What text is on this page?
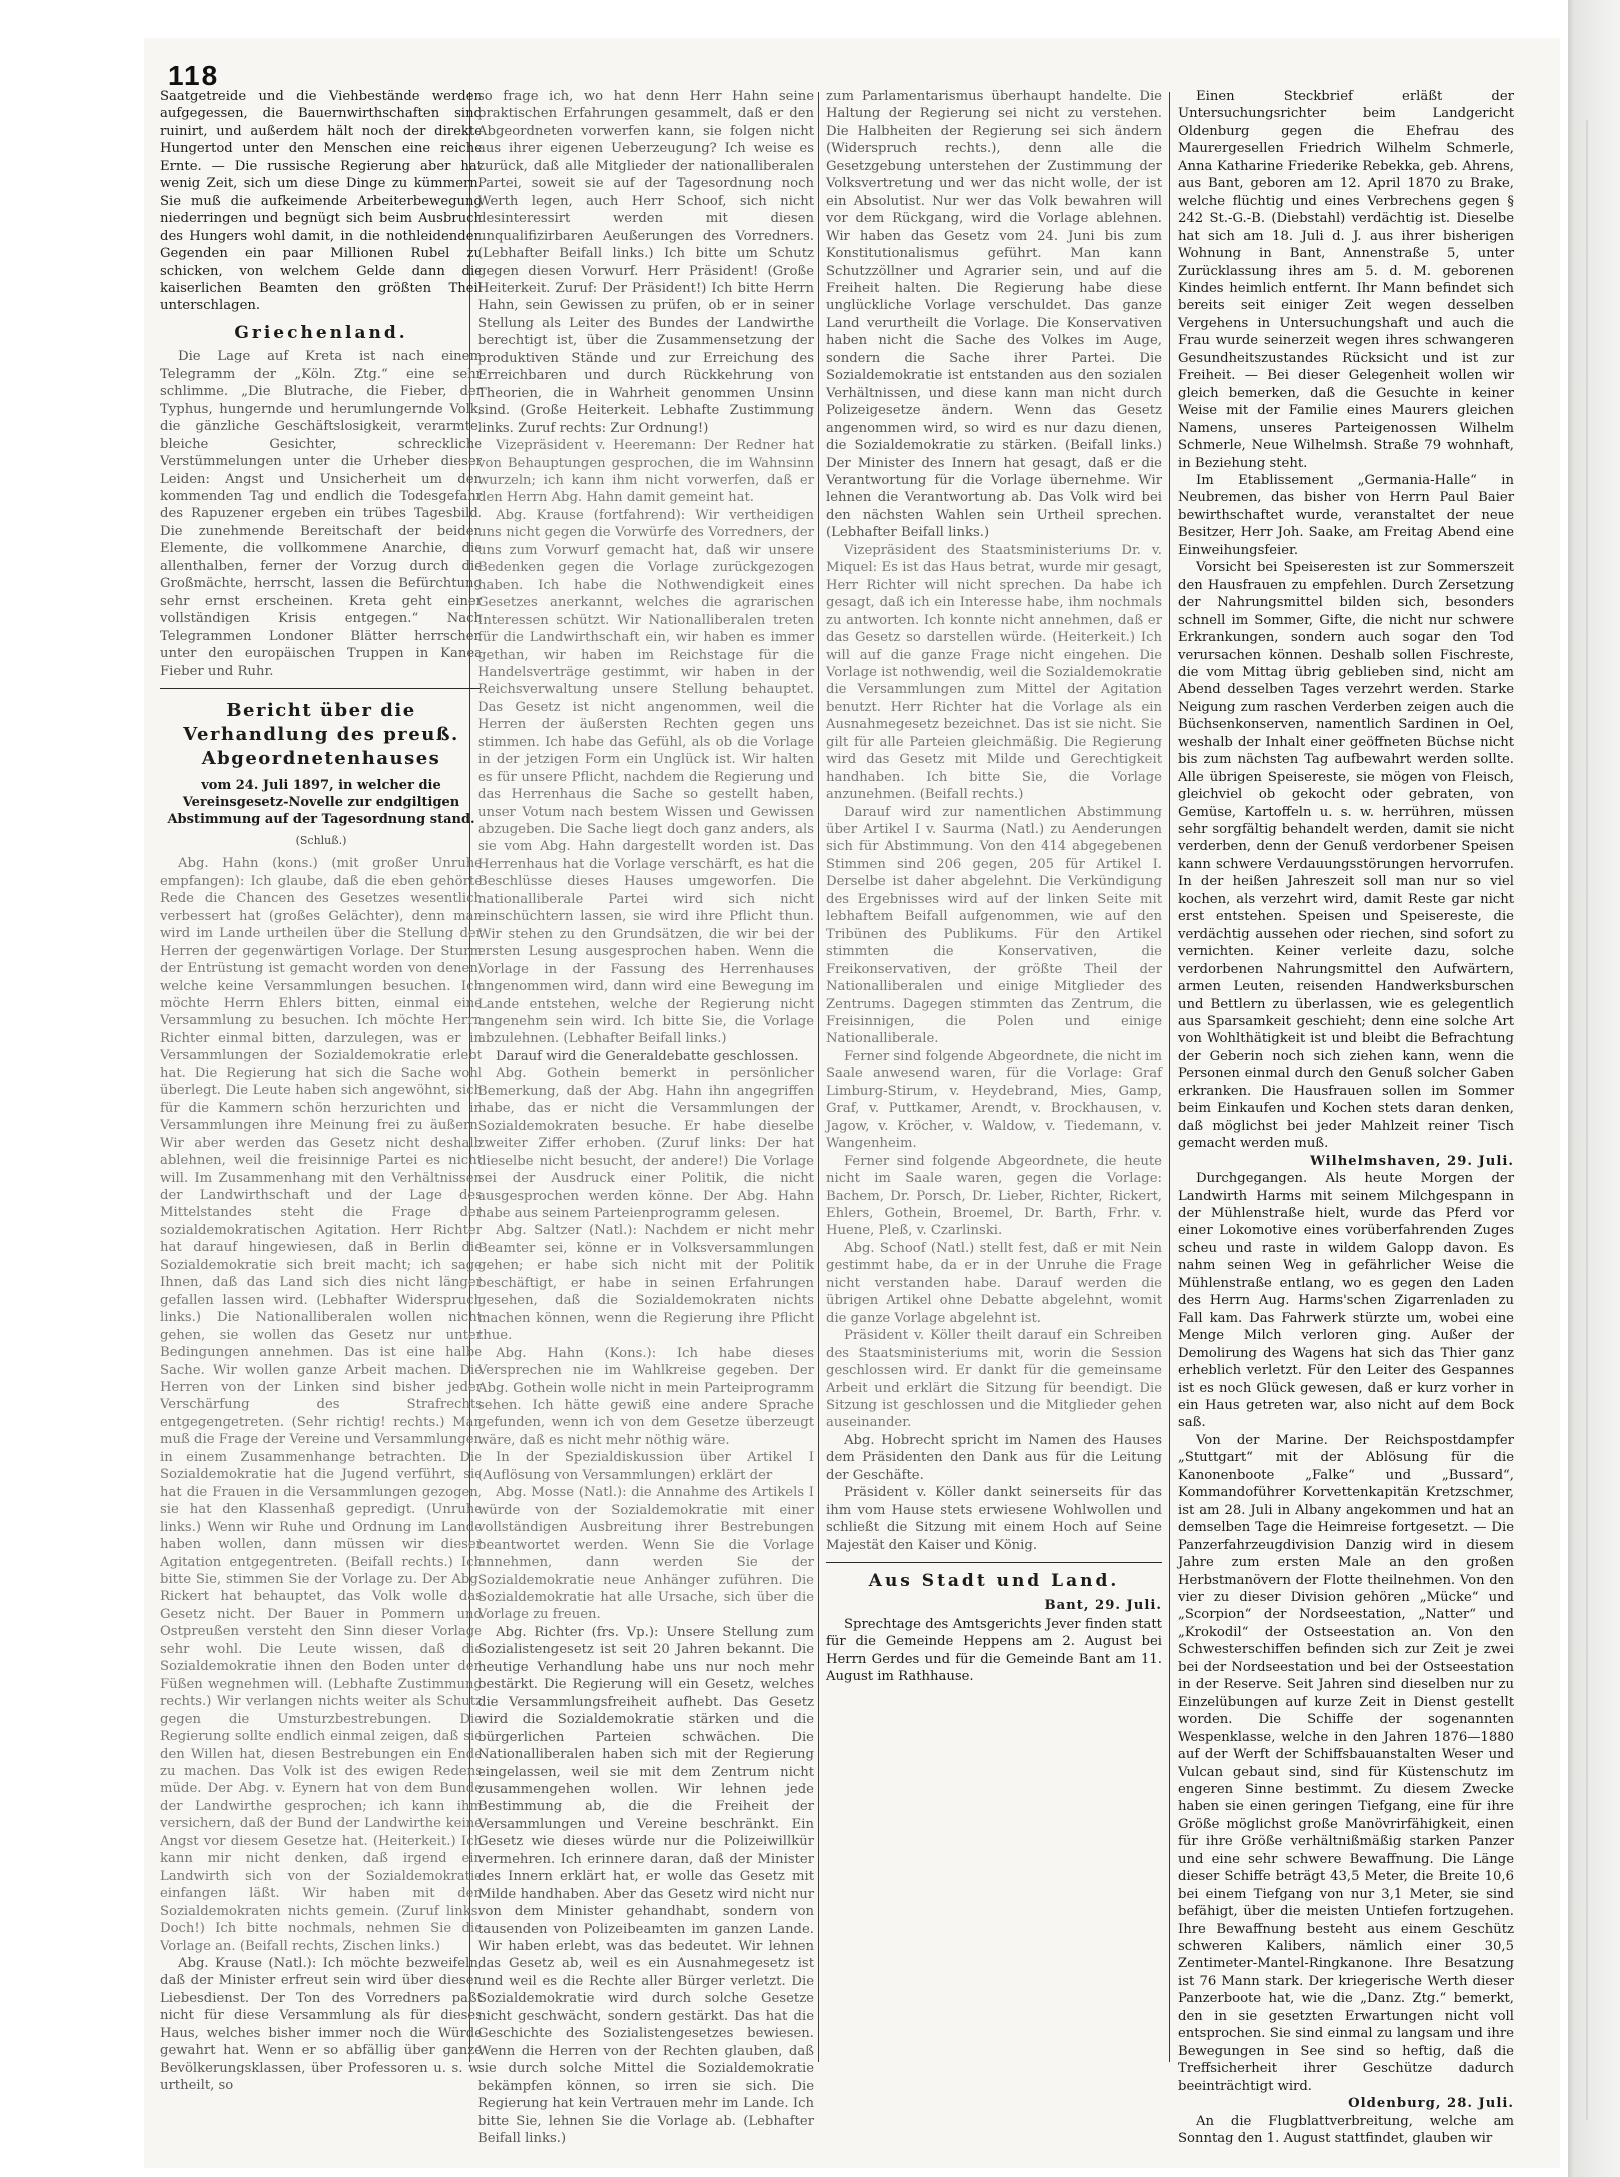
118

Saatgetreide und die Viehbestände werden aufgegessen, die Bauernwirthschaften sind ruinirt, und außerdem hält noch der direkte Hungertod unter den Menschen eine reiche Ernte. — Die russische Regierung aber hat wenig Zeit, sich um diese Dinge zu kümmern. Sie muß die aufkeimende Arbeiterbewegung niederringen und begnügt sich beim Ausbruch des Hungers wohl damit, in die nothleidenden Gegenden ein paar Millionen Rubel zu schicken, von welchem Gelde dann die kaiserlichen Beamten den größten Theil unterschlagen.

Griechenland.

Die Lage auf Kreta ist nach einem Telegramm der „Köln. Ztg.“ eine sehr schlimme. „Die Blutrache, die Fieber, der Typhus, hungernde und herumlungernde Volk, die gänzliche Geschäftslosigkeit, verarmte, bleiche Gesichter, schreckliche Verstümmelungen unter die Urheber dieser Leiden: Angst und Unsicherheit um den kommenden Tag und endlich die Todesgefahr des Rapuzener ergeben ein trübes Tagesbild. Die zunehmende Bereitschaft der beiden Elemente, die vollkommene Anarchie, die allenthalben, ferner der Vorzug durch die Großmächte, herrscht, lassen die Befürchtung sehr ernst erscheinen. Kreta geht einer vollständigen Krisis entgegen.“ Nach Telegrammen Londoner Blätter herrschen unter den europäischen Truppen in Kanea Fieber und Ruhr.

Bericht über die Verhandlung des preuß. Abgeordnetenhauses
vom 24. Juli 1897, in welcher die Vereinsgesetz-Novelle zur endgiltigen Abstimmung auf der Tagesordnung stand.
(Schluß.)

Abg. Hahn (kons.) (mit großer Unruhe empfangen): Ich glaube, daß die eben gehörte Rede die Chancen des Gesetzes wesentlich verbessert hat (großes Gelächter), denn man wird im Lande urtheilen über die Stellung der Herren der gegenwärtigen Vorlage. Der Sturm der Entrüstung ist gemacht worden von denen, welche keine Versammlungen besuchen. Ich möchte Herrn Ehlers bitten, einmal eine Versammlung zu besuchen. Ich möchte Herrn Richter einmal bitten, darzulegen, was er in Versammlungen der Sozialdemokratie erlebt hat. Die Regierung hat sich die Sache wohl überlegt. Die Leute haben sich angewöhnt, sich für die Kammern schön herzurichten und in Versammlungen ihre Meinung frei zu äußern. Wir aber werden das Gesetz nicht deshalb ablehnen, weil die freisinnige Partei es nicht will. Im Zusammenhang mit den Verhältnissen der Landwirthschaft und der Lage des Mittelstandes steht die Frage der sozialdemokratischen Agitation. Herr Richter hat darauf hingewiesen, daß in Berlin die Sozialdemokratie sich breit macht; ich sage Ihnen, daß das Land sich dies nicht länger gefallen lassen wird. (Lebhafter Widerspruch links.) Die Nationalliberalen wollen nicht gehen, sie wollen das Gesetz nur unter Bedingungen annehmen. Das ist eine halbe Sache. Wir wollen ganze Arbeit machen. Die Herren von der Linken sind bisher jeder Verschärfung des Strafrechts entgegengetreten. (Sehr richtig! rechts.) Man muß die Frage der Vereine und Versammlungen in einem Zusammenhange betrachten. Die Sozialdemokratie hat die Jugend verführt, sie hat die Frauen in die Versammlungen gezogen, sie hat den Klassenhaß gepredigt. (Unruhe links.) Wenn wir Ruhe und Ordnung im Lande haben wollen, dann müssen wir dieser Agitation entgegentreten. (Beifall rechts.) Ich bitte Sie, stimmen Sie der Vorlage zu. Der Abg. Rickert hat behauptet, das Volk wolle das Gesetz nicht. Der Bauer in Pommern und Ostpreußen versteht den Sinn dieser Vorlage sehr wohl. Die Leute wissen, daß die Sozialdemokratie ihnen den Boden unter den Füßen wegnehmen will. (Lebhafte Zustimmung rechts.) Wir verlangen nichts weiter als Schutz gegen die Umsturzbestrebungen. Die Regierung sollte endlich einmal zeigen, daß sie den Willen hat, diesen Bestrebungen ein Ende zu machen. Das Volk ist des ewigen Redens müde. Der Abg. v. Eynern hat von dem Bunde der Landwirthe gesprochen; ich kann ihm versichern, daß der Bund der Landwirthe keine Angst vor diesem Gesetze hat. (Heiterkeit.) Ich kann mir nicht denken, daß irgend ein Landwirth sich von der Sozialdemokratie einfangen läßt. Wir haben mit den Sozialdemokraten nichts gemein. (Zuruf links: Doch!) Ich bitte nochmals, nehmen Sie die Vorlage an. (Beifall rechts, Zischen links.)

Abg. Krause (Natl.): Ich möchte bezweifeln, daß der Minister erfreut sein wird über diesen Liebesdienst. Der Ton des Vorredners paßt nicht für diese Versammlung als für dieses Haus, welches bisher immer noch die Würde gewahrt hat. Wenn er so abfällig über ganze Bevölkerungsklassen, über Professoren u. s. w. urtheilt, so

so frage ich, wo hat denn Herr Hahn seine praktischen Erfahrungen gesammelt, daß er den Abgeordneten vorwerfen kann, sie folgen nicht aus ihrer eigenen Ueberzeugung? Ich weise es zurück, daß alle Mitglieder der nationalliberalen Partei, soweit sie auf der Tagesordnung noch Werth legen, auch Herr Schoof, sich nicht desinteressirt werden mit diesen unqualifizirbaren Aeußerungen des Vorredners. (Lebhafter Beifall links.) Ich bitte um Schutz gegen diesen Vorwurf. Herr Präsident! (Große Heiterkeit. Zuruf: Der Präsident!) Ich bitte Herrn Hahn, sein Gewissen zu prüfen, ob er in seiner Stellung als Leiter des Bundes der Landwirthe berechtigt ist, über die Zusammensetzung der produktiven Stände und zur Erreichung des Erreichbaren und durch Rückkehrung von Theorien, die in Wahrheit genommen Unsinn sind. (Große Heiterkeit. Lebhafte Zustimmung links. Zuruf rechts: Zur Ordnung!)

Vizepräsident v. Heeremann: Der Redner hat von Behauptungen gesprochen, die im Wahnsinn wurzeln; ich kann ihm nicht vorwerfen, daß er den Herrn Abg. Hahn damit gemeint hat.

Abg. Krause (fortfahrend): Wir vertheidigen uns nicht gegen die Vorwürfe des Vorredners, der uns zum Vorwurf gemacht hat, daß wir unsere Bedenken gegen die Vorlage zurückgezogen haben. Ich habe die Nothwendigkeit eines Gesetzes anerkannt, welches die agrarischen Interessen schützt. Wir Nationalliberalen treten für die Landwirthschaft ein, wir haben es immer gethan, wir haben im Reichstage für die Handelsverträge gestimmt, wir haben in der Reichsverwaltung unsere Stellung behauptet. Das Gesetz ist nicht angenommen, weil die Herren der äußersten Rechten gegen uns stimmen. Ich habe das Gefühl, als ob die Vorlage in der jetzigen Form ein Unglück ist. Wir halten es für unsere Pflicht, nachdem die Regierung und das Herrenhaus die Sache so gestellt haben, unser Votum nach bestem Wissen und Gewissen abzugeben. Die Sache liegt doch ganz anders, als sie vom Abg. Hahn dargestellt worden ist. Das Herrenhaus hat die Vorlage verschärft, es hat die Beschlüsse dieses Hauses umgeworfen. Die nationalliberale Partei wird sich nicht einschüchtern lassen, sie wird ihre Pflicht thun. Wir stehen zu den Grundsätzen, die wir bei der ersten Lesung ausgesprochen haben. Wenn die Vorlage in der Fassung des Herrenhauses angenommen wird, dann wird eine Bewegung im Lande entstehen, welche der Regierung nicht angenehm sein wird. Ich bitte Sie, die Vorlage abzulehnen. (Lebhafter Beifall links.)

Darauf wird die Generaldebatte geschlossen.

Abg. Gothein bemerkt in persönlicher Bemerkung, daß der Abg. Hahn ihn angegriffen habe, das er nicht die Versammlungen der Sozialdemokraten besuche. Er habe dieselbe zweiter Ziffer erhoben. (Zuruf links: Der hat dieselbe nicht besucht, der andere!) Die Vorlage sei der Ausdruck einer Politik, die nicht ausgesprochen werden könne. Der Abg. Hahn habe aus seinem Parteienprogramm gelesen.

Abg. Saltzer (Natl.): Nachdem er nicht mehr Beamter sei, könne er in Volksversammlungen gehen; er habe sich nicht mit der Politik beschäftigt, er habe in seinen Erfahrungen gesehen, daß die Sozialdemokraten nichts machen können, wenn die Regierung ihre Pflicht thue.

Abg. Hahn (Kons.): Ich habe dieses Versprechen nie im Wahlkreise gegeben. Der Abg. Gothein wolle nicht in mein Parteiprogramm sehen. Ich hätte gewiß eine andere Sprache gefunden, wenn ich von dem Gesetze überzeugt wäre, daß es nicht mehr nöthig wäre.

In der Spezialdiskussion über Artikel I (Auflösung von Versammlungen) erklärt der

Abg. Mosse (Natl.): die Annahme des Artikels I würde von der Sozialdemokratie mit einer vollständigen Ausbreitung ihrer Bestrebungen beantwortet werden. Wenn Sie die Vorlage annehmen, dann werden Sie der Sozialdemokratie neue Anhänger zuführen. Die Sozialdemokratie hat alle Ursache, sich über die Vorlage zu freuen.

Abg. Richter (frs. Vp.): Unsere Stellung zum Sozialistengesetz ist seit 20 Jahren bekannt. Die heutige Verhandlung habe uns nur noch mehr bestärkt. Die Regierung will ein Gesetz, welches die Versammlungsfreiheit aufhebt. Das Gesetz wird die Sozialdemokratie stärken und die bürgerlichen Parteien schwächen. Die Nationalliberalen haben sich mit der Regierung eingelassen, weil sie mit dem Zentrum nicht zusammengehen wollen. Wir lehnen jede Bestimmung ab, die die Freiheit der Versammlungen und Vereine beschränkt. Ein Gesetz wie dieses würde nur die Polizeiwillkür vermehren. Ich erinnere daran, daß der Minister des Innern erklärt hat, er wolle das Gesetz mit Milde handhaben. Aber das Gesetz wird nicht nur von dem Minister gehandhabt, sondern von tausenden von Polizeibeamten im ganzen Lande. Wir haben erlebt, was das bedeutet. Wir lehnen das Gesetz ab, weil es ein Ausnahmegesetz ist und weil es die Rechte aller Bürger verletzt. Die Sozialdemokratie wird durch solche Gesetze nicht geschwächt, sondern gestärkt. Das hat die Geschichte des Sozialistengesetzes bewiesen. Wenn die Herren von der Rechten glauben, daß sie durch solche Mittel die Sozialdemokratie bekämpfen können, so irren sie sich. Die Regierung hat kein Vertrauen mehr im Lande. Ich bitte Sie, lehnen Sie die Vorlage ab. (Lebhafter Beifall links.)

zum Parlamentarismus überhaupt handelte. Die Haltung der Regierung sei nicht zu verstehen. Die Halbheiten der Regierung sei sich ändern (Widerspruch rechts.), denn alle die Gesetzgebung unterstehen der Zustimmung der Volksvertretung und wer das nicht wolle, der ist ein Absolutist. Nur wer das Volk bewahren will vor dem Rückgang, wird die Vorlage ablehnen. Wir haben das Gesetz vom 24. Juni bis zum Konstitutionalismus geführt. Man kann Schutzzöllner und Agrarier sein, und auf die Freiheit halten. Die Regierung habe diese unglückliche Vorlage verschuldet. Das ganze Land verurtheilt die Vorlage. Die Konservativen haben nicht die Sache des Volkes im Auge, sondern die Sache ihrer Partei. Die Sozialdemokratie ist entstanden aus den sozialen Verhältnissen, und diese kann man nicht durch Polizeigesetze ändern. Wenn das Gesetz angenommen wird, so wird es nur dazu dienen, die Sozialdemokratie zu stärken. (Beifall links.) Der Minister des Innern hat gesagt, daß er die Verantwortung für die Vorlage übernehme. Wir lehnen die Verantwortung ab. Das Volk wird bei den nächsten Wahlen sein Urtheil sprechen. (Lebhafter Beifall links.)

Vizepräsident des Staatsministeriums Dr. v. Miquel: Es ist das Haus betrat, wurde mir gesagt, Herr Richter will nicht sprechen. Da habe ich gesagt, daß ich ein Interesse habe, ihm nochmals zu antworten. Ich konnte nicht annehmen, daß er das Gesetz so darstellen würde. (Heiterkeit.) Ich will auf die ganze Frage nicht eingehen. Die Vorlage ist nothwendig, weil die Sozialdemokratie die Versammlungen zum Mittel der Agitation benutzt. Herr Richter hat die Vorlage als ein Ausnahmegesetz bezeichnet. Das ist sie nicht. Sie gilt für alle Parteien gleichmäßig. Die Regierung wird das Gesetz mit Milde und Gerechtigkeit handhaben. Ich bitte Sie, die Vorlage anzunehmen. (Beifall rechts.)

Darauf wird zur namentlichen Abstimmung über Artikel I v. Saurma (Natl.) zu Aenderungen sich für Abstimmung. Von den 414 abgegebenen Stimmen sind 206 gegen, 205 für Artikel I. Derselbe ist daher abgelehnt. Die Verkündigung des Ergebnisses wird auf der linken Seite mit lebhaftem Beifall aufgenommen, wie auf den Tribünen des Publikums. Für den Artikel stimmten die Konservativen, die Freikonservativen, der größte Theil der Nationalliberalen und einige Mitglieder des Zentrums. Dagegen stimmten das Zentrum, die Freisinnigen, die Polen und einige Nationalliberale.

Ferner sind folgende Abgeordnete, die nicht im Saale anwesend waren, für die Vorlage: Graf Limburg-Stirum, v. Heydebrand, Mies, Gamp, Graf, v. Puttkamer, Arendt, v. Brockhausen, v. Jagow, v. Kröcher, v. Waldow, v. Tiedemann, v. Wangenheim.

Ferner sind folgende Abgeordnete, die heute nicht im Saale waren, gegen die Vorlage: Bachem, Dr. Porsch, Dr. Lieber, Richter, Rickert, Ehlers, Gothein, Broemel, Dr. Barth, Frhr. v. Huene, Pleß, v. Czarlinski.

Abg. Schoof (Natl.) stellt fest, daß er mit Nein gestimmt habe, da er in der Unruhe die Frage nicht verstanden habe. Darauf werden die übrigen Artikel ohne Debatte abgelehnt, womit die ganze Vorlage abgelehnt ist.

Präsident v. Köller theilt darauf ein Schreiben des Staatsministeriums mit, worin die Session geschlossen wird. Er dankt für die gemeinsame Arbeit und erklärt die Sitzung für beendigt. Die Sitzung ist geschlossen und die Mitglieder gehen auseinander.

Abg. Hobrecht spricht im Namen des Hauses dem Präsidenten den Dank aus für die Leitung der Geschäfte.

Präsident v. Köller dankt seinerseits für das ihm vom Hause stets erwiesene Wohlwollen und schließt die Sitzung mit einem Hoch auf Seine Majestät den Kaiser und König.

Aus Stadt und Land.
Bant, 29. Juli.

Sprechtage des Amtsgerichts Jever finden statt für die Gemeinde Heppens am 2. August bei Herrn Gerdes und für die Gemeinde Bant am 11. August im Rathhause.

Einen Steckbrief erläßt der Untersuchungsrichter beim Landgericht Oldenburg gegen die Ehefrau des Maurergesellen Friedrich Wilhelm Schmerle, Anna Katharine Friederike Rebekka, geb. Ahrens, aus Bant, geboren am 12. April 1870 zu Brake, welche flüchtig und eines Verbrechens gegen § 242 St.-G.-B. (Diebstahl) verdächtig ist. Dieselbe hat sich am 18. Juli d. J. aus ihrer bisherigen Wohnung in Bant, Annenstraße 5, unter Zurücklassung ihres am 5. d. M. geborenen Kindes heimlich entfernt. Ihr Mann befindet sich bereits seit einiger Zeit wegen desselben Vergehens in Untersuchungshaft und auch die Frau wurde seinerzeit wegen ihres schwangeren Gesundheitszustandes Rücksicht und ist zur Freiheit. — Bei dieser Gelegenheit wollen wir gleich bemerken, daß die Gesuchte in keiner Weise mit der Familie eines Maurers gleichen Namens, unseres Parteigenossen Wilhelm Schmerle, Neue Wilhelmsh. Straße 79 wohnhaft, in Beziehung steht.

Im Etablissement „Germania-Halle“ in Neubremen, das bisher von Herrn Paul Baier bewirthschaftet wurde, veranstaltet der neue Besitzer, Herr Joh. Saake, am Freitag Abend eine Einweihungsfeier.

Vorsicht bei Speiseresten ist zur Sommerszeit den Hausfrauen zu empfehlen. Durch Zersetzung der Nahrungsmittel bilden sich, besonders schnell im Sommer, Gifte, die nicht nur schwere Erkrankungen, sondern auch sogar den Tod verursachen können. Deshalb sollen Fischreste, die vom Mittag übrig geblieben sind, nicht am Abend desselben Tages verzehrt werden. Starke Neigung zum raschen Verderben zeigen auch die Büchsenkonserven, namentlich Sardinen in Oel, weshalb der Inhalt einer geöffneten Büchse nicht bis zum nächsten Tag aufbewahrt werden sollte. Alle übrigen Speisereste, sie mögen von Fleisch, gleichviel ob gekocht oder gebraten, von Gemüse, Kartoffeln u. s. w. herrühren, müssen sehr sorgfältig behandelt werden, damit sie nicht verderben, denn der Genuß verdorbener Speisen kann schwere Verdauungsstörungen hervorrufen. In der heißen Jahreszeit soll man nur so viel kochen, als verzehrt wird, damit Reste gar nicht erst entstehen. Speisen und Speisereste, die verdächtig aussehen oder riechen, sind sofort zu vernichten. Keiner verleite dazu, solche verdorbenen Nahrungsmittel den Aufwärtern, armen Leuten, reisenden Handwerksburschen und Bettlern zu überlassen, wie es gelegentlich aus Sparsamkeit geschieht; denn eine solche Art von Wohlthätigkeit ist und bleibt die Befrachtung der Geberin noch sich ziehen kann, wenn die Personen einmal durch den Genuß solcher Gaben erkranken. Die Hausfrauen sollen im Sommer beim Einkaufen und Kochen stets daran denken, daß möglichst bei jeder Mahlzeit reiner Tisch gemacht werden muß.

Wilhelmshaven, 29. Juli.

Durchgegangen. Als heute Morgen der Landwirth Harms mit seinem Milchgespann in der Mühlenstraße hielt, wurde das Pferd vor einer Lokomotive eines vorüberfahrenden Zuges scheu und raste in wildem Galopp davon. Es nahm seinen Weg in gefährlicher Weise die Mühlenstraße entlang, wo es gegen den Laden des Herrn Aug. Harms'schen Zigarrenladen zu Fall kam. Das Fahrwerk stürzte um, wobei eine Menge Milch verloren ging. Außer der Demolirung des Wagens hat sich das Thier ganz erheblich verletzt. Für den Leiter des Gespannes ist es noch Glück gewesen, daß er kurz vorher in ein Haus getreten war, also nicht auf dem Bock saß.

Von der Marine. Der Reichspostdampfer „Stuttgart“ mit der Ablösung für die Kanonenboote „Falke“ und „Bussard“, Kommandoführer Korvettenkapitän Kretzschmer, ist am 28. Juli in Albany angekommen und hat an demselben Tage die Heimreise fortgesetzt. — Die Panzerfahrzeugdivision Danzig wird in diesem Jahre zum ersten Male an den großen Herbstmanövern der Flotte theilnehmen. Von den vier zu dieser Division gehören „Mücke“ und „Scorpion“ der Nordseestation, „Natter“ und „Krokodil“ der Ostseestation an. Von den Schwesterschiffen befinden sich zur Zeit je zwei bei der Nordseestation und bei der Ostseestation in der Reserve. Seit Jahren sind dieselben nur zu Einzelübungen auf kurze Zeit in Dienst gestellt worden. Die Schiffe der sogenannten Wespenklasse, welche in den Jahren 1876—1880 auf der Werft der Schiffsbauanstalten Weser und Vulcan gebaut sind, sind für Küstenschutz im engeren Sinne bestimmt. Zu diesem Zwecke haben sie einen geringen Tiefgang, eine für ihre Größe möglichst große Manövrirfähigkeit, einen für ihre Größe verhältnißmäßig starken Panzer und eine sehr schwere Bewaffnung. Die Länge dieser Schiffe beträgt 43,5 Meter, die Breite 10,6 bei einem Tiefgang von nur 3,1 Meter, sie sind befähigt, über die meisten Untiefen fortzugehen. Ihre Bewaffnung besteht aus einem Geschütz schweren Kalibers, nämlich einer 30,5 Zentimeter-Mantel-Ringkanone. Ihre Besatzung ist 76 Mann stark. Der kriegerische Werth dieser Panzerboote hat, wie die „Danz. Ztg.“ bemerkt, den in sie gesetzten Erwartungen nicht voll entsprochen. Sie sind einmal zu langsam und ihre Bewegungen in See sind so heftig, daß die Treffsicherheit ihrer Geschütze dadurch beeinträchtigt wird.

Oldenburg, 28. Juli.

An die Flugblattverbreitung, welche am Sonntag den 1. August stattfindet, glauben wir
